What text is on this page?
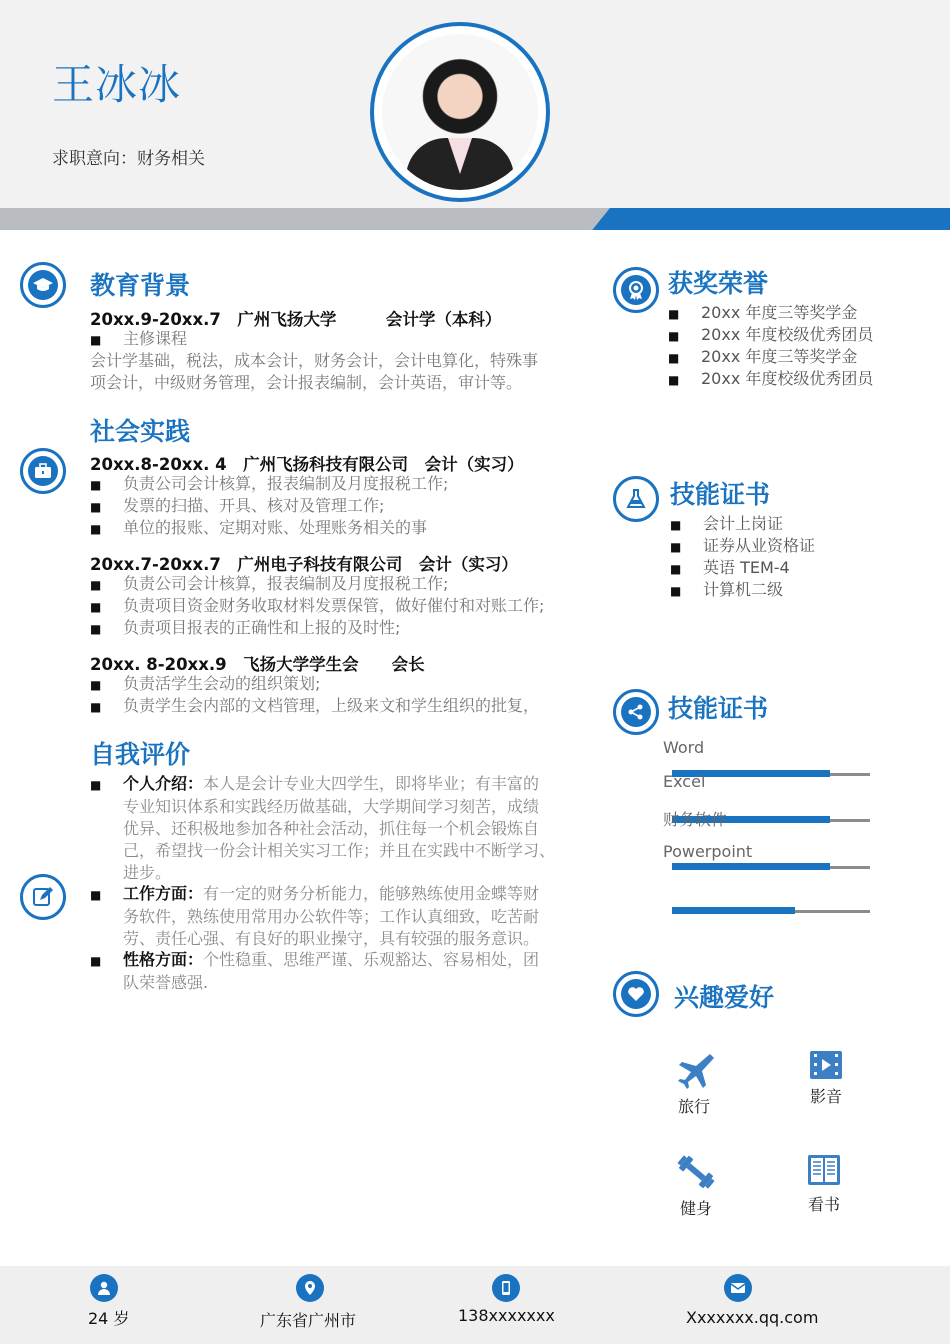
王冰冰
求职意向：财务相关
教育背景
20xx.9-20xx.7　广州飞扬大学　　　会计学（本科）
■ 主修课程
会计学基础，税法，成本会计，财务会计，会计电算化，特殊事
项会计，中级财务管理，会计报表编制，会计英语，审计等。
社会实践
20xx.8-20xx. 4　广州飞扬科技有限公司　会计（实习）
■ 负责公司会计核算，报表编制及月度报税工作;
■ 发票的扫描、开具、核对及管理工作;
■ 单位的报账、定期对账、处理账务相关的事
20xx.7-20xx.7　广州电子科技有限公司　会计（实习）
■ 负责公司会计核算，报表编制及月度报税工作;
■ 负责项目资金财务收取材料发票保管，做好催付和对账工作;
■ 负责项目报表的正确性和上报的及时性;
20xx. 8-20xx.9　飞扬大学学生会　　会长
■ 负责活学生会动的组织策划;
■ 负责学生会内部的文档管理，上级来文和学生组织的批复，
自我评价
■ 个人介绍：本人是会计专业大四学生，即将毕业；有丰富的
专业知识体系和实践经历做基础，大学期间学习刻苦，成绩
优异、还积极地参加各种社会活动，抓住每一个机会锻炼自
己，希望找一份会计相关实习工作；并且在实践中不断学习、
进步。
■ 工作方面：有一定的财务分析能力，能够熟练使用金蝶等财
务软件，熟练使用常用办公软件等；工作认真细致，吃苦耐
劳、责任心强、有良好的职业操守，具有较强的服务意识。
■ 性格方面：个性稳重、思维严谨、乐观豁达、容易相处，团
队荣誉感强.
获奖荣誉
■ 20xx 年度三等奖学金
■ 20xx 年度校级优秀团员
■ 20xx 年度三等奖学金
■ 20xx 年度校级优秀团员
技能证书
■ 会计上岗证
■ 证券从业资格证
■ 英语 TEM-4
■ 计算机二级
技能证书
Word
Excel
财务软件
Powerpoint
兴趣爱好
旅行
影音
健身	看书
24 岁	广东省广州市	138xxxxxxx	Xxxxxxx.qq.com
